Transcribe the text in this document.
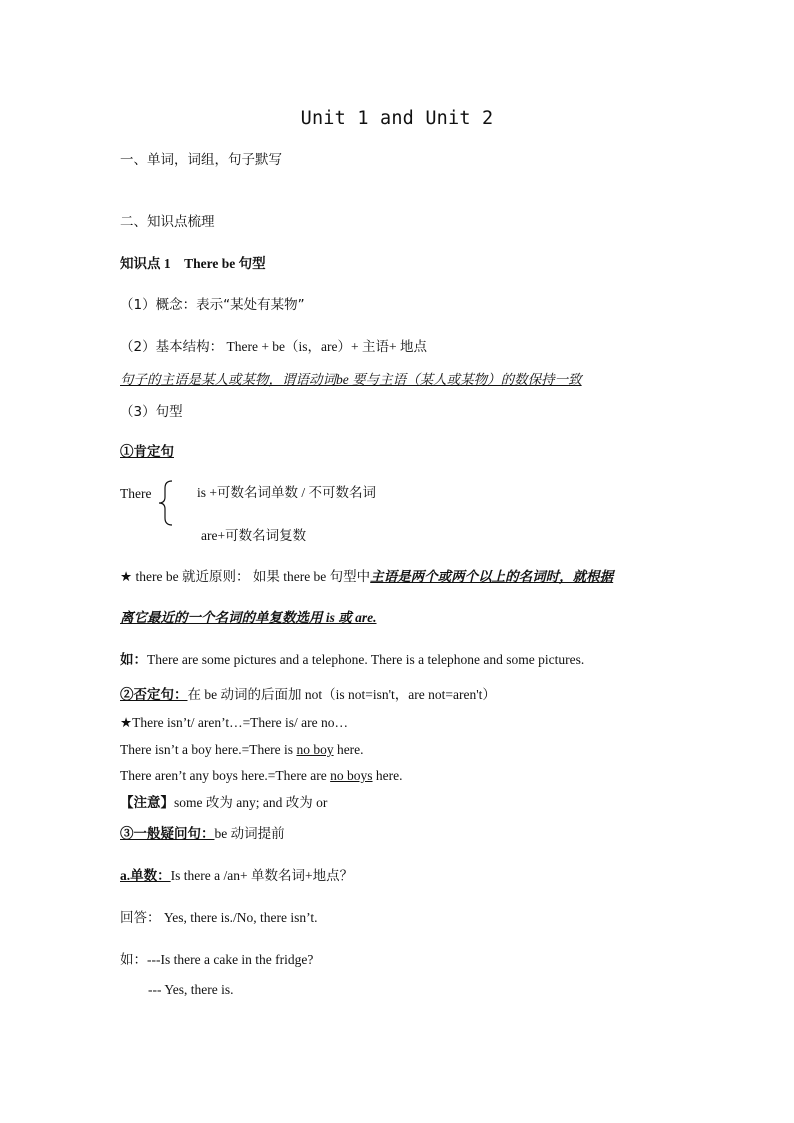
Unit 1 and Unit 2
一、单词，词组，句子默写
二、知识点梳理
知识点 1　There be 句型
（1）概念：表示“某处有某物”
（2）基本结构： There + be（is，are）+ 主语+ 地点
句子的主语是某人或某物，谓语动词be 要与主语（某人或某物）的数保持一致
（3）句型
①肯定句
There	is +可数名词单数 / 不可数名词
are+可数名词复数
★ there be 就近原则： 如果 there be 句型中主语是两个或两个以上的名词时，就根据
离它最近的一个名词的单复数选用 is 或 are.
如：There are some pictures and a telephone. There is a telephone and some pictures.
②否定句：在 be 动词的后面加 not（is not=isn't，are not=aren't）
★There isn’t/ aren’t…=There is/ are no…
There isn’t a boy here.=There is no boy here.
There aren’t any boys here.=There are no boys here.
【注意】some 改为 any; and 改为 or
③一般疑问句：be 动词提前
a.单数：Is there a /an+ 单数名词+地点？
回答： Yes, there is./No, there isn’t.
如：---Is there a cake in the fridge?
--- Yes, there is.
